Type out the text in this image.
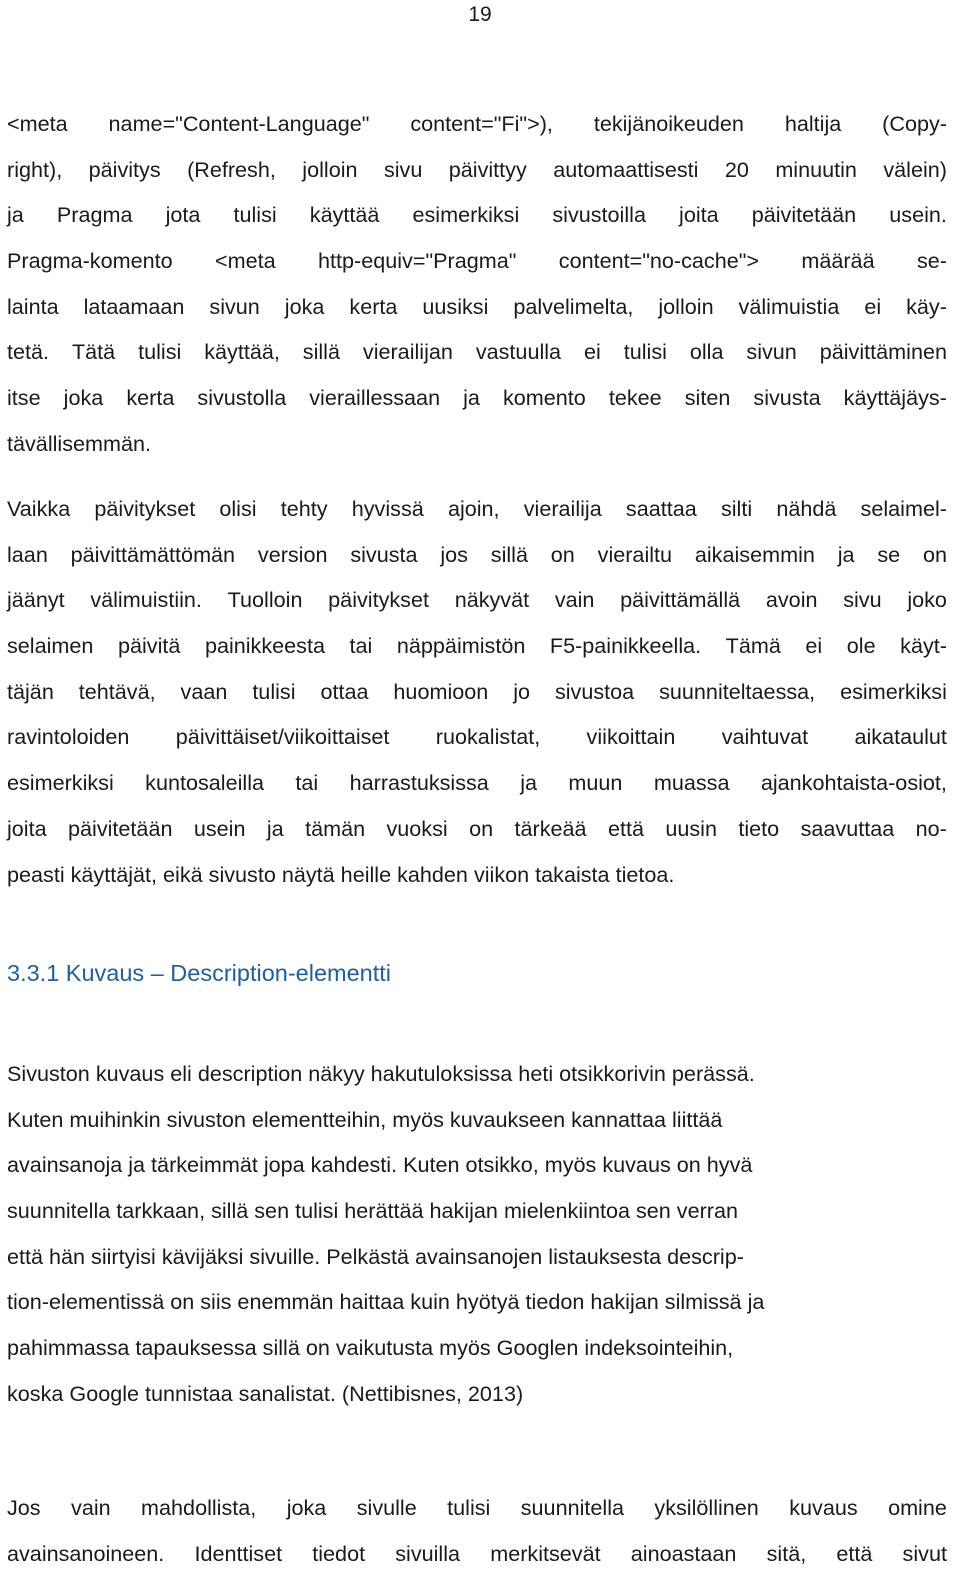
19
<meta name="Content-Language" content="Fi">), tekijänoikeuden haltija (Copy-
right), päivitys (Refresh, jolloin sivu päivittyy automaattisesti 20 minuutin välein)
ja Pragma jota tulisi käyttää esimerkiksi sivustoilla joita päivitetään usein.
Pragma-komento <meta http-equiv="Pragma" content="no-cache"> määrää se-
lainta lataamaan sivun joka kerta uusiksi palvelimelta, jolloin välimuistia ei käy-
tetä. Tätä tulisi käyttää, sillä vierailijan vastuulla ei tulisi olla sivun päivittäminen
itse joka kerta sivustolla vieraillessaan ja komento tekee siten sivusta käyttäjäys-
tävällisemmän.
Vaikka päivitykset olisi tehty hyvissä ajoin, vierailija saattaa silti nähdä selaimel-
laan päivittämättömän version sivusta jos sillä on vierailtu aikaisemmin ja se on
jäänyt välimuistiin. Tuolloin päivitykset näkyvät vain päivittämällä avoin sivu joko
selaimen päivitä painikkeesta tai näppäimistön F5-painikkeella. Tämä ei ole käyt-
täjän tehtävä, vaan tulisi ottaa huomioon jo sivustoa suunniteltaessa, esimerkiksi
ravintoloiden päivittäiset/viikoittaiset ruokalistat, viikoittain vaihtuvat aikataulut
esimerkiksi kuntosaleilla tai harrastuksissa ja muun muassa ajankohtaista-osiot,
joita päivitetään usein ja tämän vuoksi on tärkeää että uusin tieto saavuttaa no-
peasti käyttäjät, eikä sivusto näytä heille kahden viikon takaista tietoa.
3.3.1 Kuvaus – Description-elementti
Sivuston kuvaus eli description näkyy hakutuloksissa heti otsikkorivin perässä.
Kuten muihinkin sivuston elementteihin, myös kuvaukseen kannattaa liittää
avainsanoja ja tärkeimmät jopa kahdesti. Kuten otsikko, myös kuvaus on hyvä
suunnitella tarkkaan, sillä sen tulisi herättää hakijan mielenkiintoa sen verran
että hän siirtyisi kävijäksi sivuille. Pelkästä avainsanojen listauksesta descrip-
tion-elementissä on siis enemmän haittaa kuin hyötyä tiedon hakijan silmissä ja
pahimmassa tapauksessa sillä on vaikutusta myös Googlen indeksointeihin,
koska Google tunnistaa sanalistat. (Nettibisnes, 2013)
Jos vain mahdollista, joka sivulle tulisi suunnitella yksilöllinen kuvaus omine
avainsanoineen. Identtiset tiedot sivuilla merkitsevät ainoastaan sitä, että sivut
